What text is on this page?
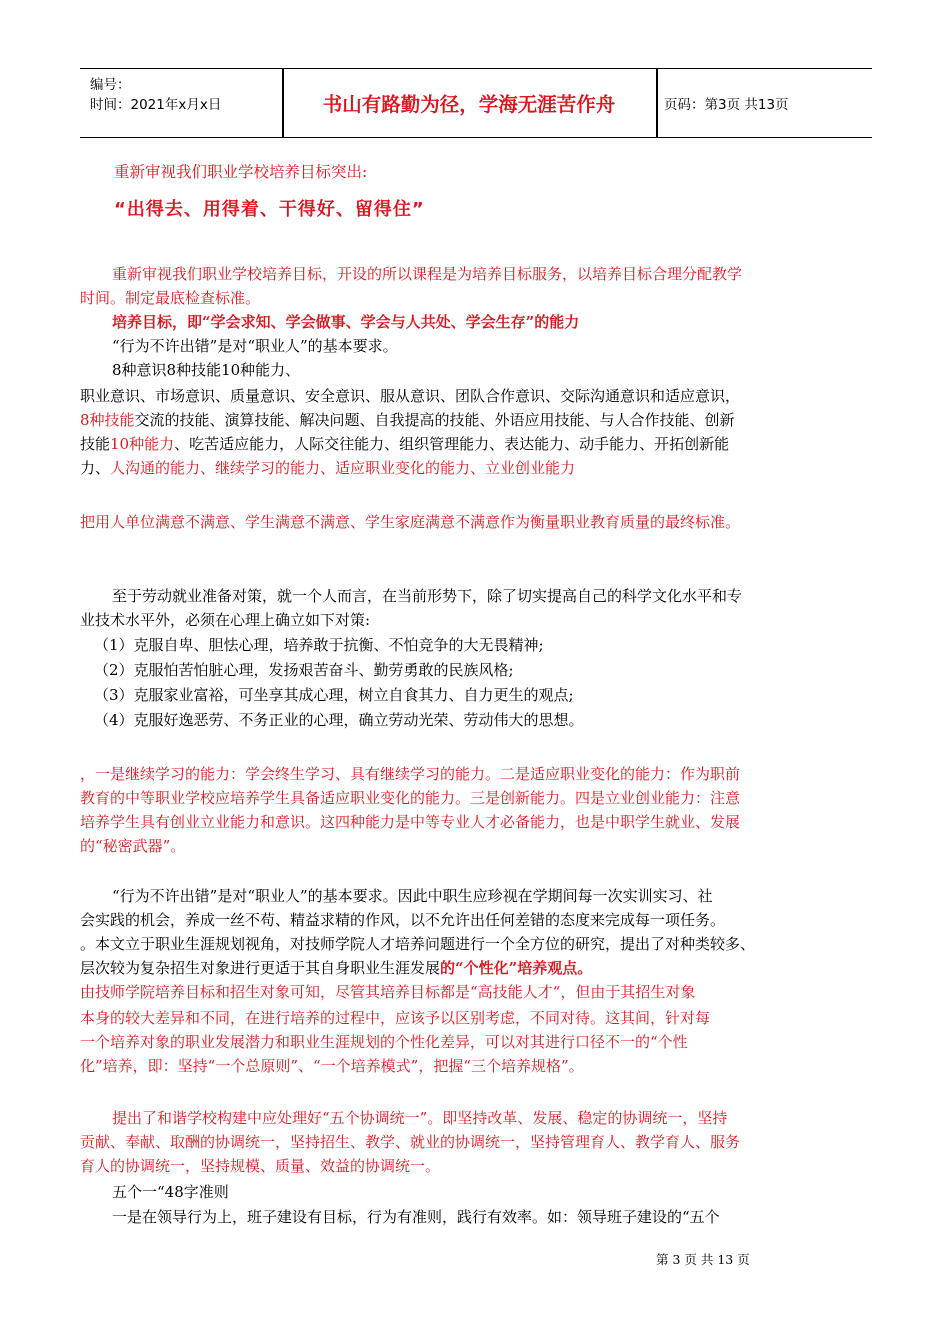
编号：
时间：2021年x月x日	书山有路勤为径，学海无涯苦作舟	页码：第3页 共13页
重新审视我们职业学校培养目标突出:
“出得去、用得着、干得好、留得住”
重新审视我们职业学校培养目标，开设的所以课程是为培养目标服务，以培养目标合理分配教学
时间。制定最底检查标准。
培养目标，即“学会求知、学会做事、学会与人共处、学会生存”的能力
“行为不许出错”是对“职业人”的基本要求。
8种意识8种技能10种能力、
职业意识、市场意识、质量意识、安全意识、服从意识、团队合作意识、交际沟通意识和适应意识，
8种技能交流的技能、演算技能、解决问题、自我提高的技能、外语应用技能、与人合作技能、创新
技能10种能力、吃苦适应能力，人际交往能力、组织管理能力、表达能力、动手能力、开拓创新能
力、人沟通的能力、继续学习的能力、适应职业变化的能力、立业创业能力
把用人单位满意不满意、学生满意不满意、学生家庭满意不满意作为衡量职业教育质量的最终标准。
至于劳动就业准备对策，就一个人而言，在当前形势下，除了切实提高自己的科学文化水平和专
业技术水平外，必须在心理上确立如下对策:
（1）克服自卑、胆怯心理，培养敢于抗衡、不怕竞争的大无畏精神;
（2）克服怕苦怕脏心理，发扬艰苦奋斗、勤劳勇敢的民族风格;
（3）克服家业富裕，可坐享其成心理，树立自食其力、自力更生的观点;
（4）克服好逸恶劳、不务正业的心理，确立劳动光荣、劳动伟大的思想。
，一是继续学习的能力：学会终生学习、具有继续学习的能力。二是适应职业变化的能力：作为职前
教育的中等职业学校应培养学生具备适应职业变化的能力。三是创新能力。四是立业创业能力：注意
培养学生具有创业立业能力和意识。这四种能力是中等专业人才必备能力，也是中职学生就业、发展
的“秘密武器”。
“行为不许出错”是对“职业人”的基本要求。因此中职生应珍视在学期间每一次实训实习、社
会实践的机会，养成一丝不苟、精益求精的作风，以不允许出任何差错的态度来完成每一项任务。
。本文立于职业生涯规划视角，对技师学院人才培养问题进行一个全方位的研究，提出了对种类较多、
层次较为复杂招生对象进行更适于其自身职业生涯发展的“个性化”培养观点。
由技师学院培养目标和招生对象可知，尽管其培养目标都是“高技能人才“，但由于其招生对象
本身的较大差异和不同，在进行培养的过程中，应该予以区别考虑，不同对待。这其间，针对每
一个培养对象的职业发展潜力和职业生涯规划的个性化差异，可以对其进行口径不一的“个性
化”培养，即：坚持“一个总原则”、“一个培养模式”，把握“三个培养规格”。
提出了和谐学校构建中应处理好“五个协调统一”。即坚持改革、发展、稳定的协调统一，坚持
贡献、奉献、取酬的协调统一，坚持招生、教学、就业的协调统一，坚持管理育人、教学育人、服务
育人的协调统一，坚持规模、质量、效益的协调统一。
五个一“48字准则
一是在领导行为上，班子建设有目标，行为有准则，践行有效率。如：领导班子建设的“五个
第 3 页 共 13 页
